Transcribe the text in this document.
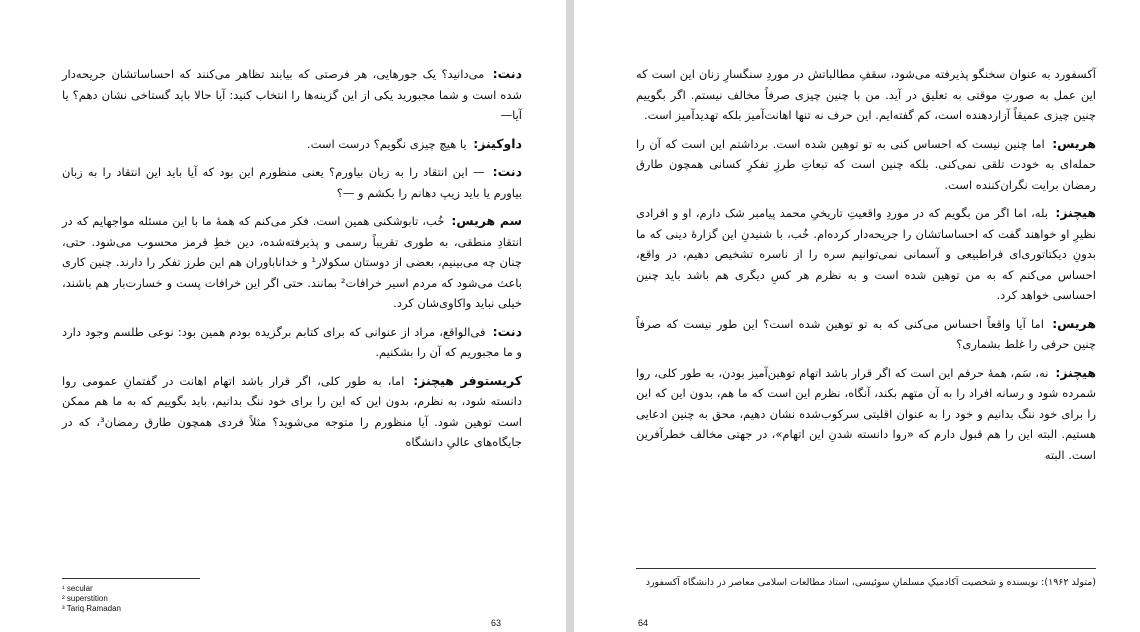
دنت: می‌دانید؟ یک جورهایی، هر فرصتی که بیابند تظاهر می‌کنند که احساساتشان جریحه‌دار شده است و شما مجبورید یکی از این گزینه‌ها را انتخاب کنید: آیا حالا باید گستاخی نشان دهم؟ یا آیا—

داوکینز: یا هیچ چیزی نگویم؟ درست است.

دنت: — این انتقاد را به زبان بیاورم؟ یعنی منظورم این بود که آیا باید این انتقاد را به زبان بیاورم یا باید زیپ دهانم را بکشم و —؟

سم هریس: خُب، تابوشکنی همین است. فکر می‌کنم که همهٔ ما با این مسئله مواجهایم که در انتقادِ منطقی، به طوری تقریباً رسمی و پذیرفته‌شده، دین خطِ قرمز محسوب می‌شود. حتی، چنان چه می‌بینیم، بعضی از دوستان سکولار¹ و خداناباوران هم این طرز تفکر را دارند. چنین کاری باعث می‌شود که مردم اسیر خرافات² بمانند. حتی اگر این خرافات پست و خسارت‌بار هم باشند، خیلی نباید واکاوی‌شان کرد.

دنت: فی‌الواقع، مراد از عنوانی که برای کتابم برگزیده بودم همین بود: نوعی طلسم وجود دارد و ما مجبوریم که آن را بشکنیم.

کریستوفر هیچنز: اما، به طور کلی، اگر قرار باشد اتهام اهانت در گفتمانِ عمومی روا دانسته شود، به نظرم، بدون این که این را برای خود ننگ بدانیم، باید بگوییم که به ما هم ممکن است توهین شود. آیا منظورم را متوجه می‌شوید؟ مثلاً فردی همچون طارق رمضان³، که در جایگاه‌های عالیِ دانشگاه

¹ secular
² superstition
³ Tariq Ramadan
63

آکسفورد به عنوان سخنگو پذیرفته می‌شود، سقفِ مطالباتش در موردِ سنگسارِ زنان این است که این عمل به صورتِ موقتی به تعلیق در آید. من با چنین چیزی صرفاً مخالف نیستم. اگر بگوییم چنین چیزی عمیقاً آزاردهنده است، کم گفته‌ایم. این حرف نه تنها اهانت‌آمیز بلکه تهدیدآمیز است.

هریس: اما چنین نیست که احساس کنی به تو توهین شده است. برداشتم این است که آن را حمله‌ای به خودت تلقی نمی‌کنی. بلکه چنین است که تبعاتِ طرزِ تفکرِ کسانی همچون طارق رمضان برایت نگران‌کننده است.

هیچنز: بله، اما اگر من بگویم که در موردِ واقعیتِ تاریخیِ محمد پیامبر شک دارم، او و افرادی نظیرِ او خواهند گفت که احساساتشان را جریحه‌دار کرده‌ام. خُب، با شنیدنِ این گزارهٔ دینی که ما بدونِ دیکتاتوری‌ای فراطبیعی و آسمانی نمی‌توانیم سره را از ناسره تشخیص دهیم، در واقع، احساس می‌کنم که به من توهین شده است و به نظرم هر کسِ دیگری هم باشد باید چنین احساسی خواهد کرد.

هریس: اما آیا واقعاً احساس می‌کنی که به تو توهین شده است؟ این طور نیست که صرفاً چنین حرفی را غلط بشماری؟

هیچنز: نه، سَم، همهٔ حرفم این است که اگر قرار باشد اتهام توهین‌آمیز بودن، به طور کلی، روا شمرده شود و رسانه افراد را به آن متهم بکند، آنگاه، نظرم این است که ما هم، بدون این که این را برای خود ننگ بدانیم و خود را به عنوان اقلیتی سرکوب‌شده نشان دهیم، محق به چنین ادعایی هستیم. البته این را هم قبول دارم که «روا دانسته شدنِ این اتهام»، در جهتی مخالف خطرآفرین است. البته

(متولد ۱۹۶۲): نویسنده و شخصیت آکادمیکِ مسلمانِ سوئیسی، استاد مطالعات اسلامی معاصر در دانشگاه آکسفورد
64
